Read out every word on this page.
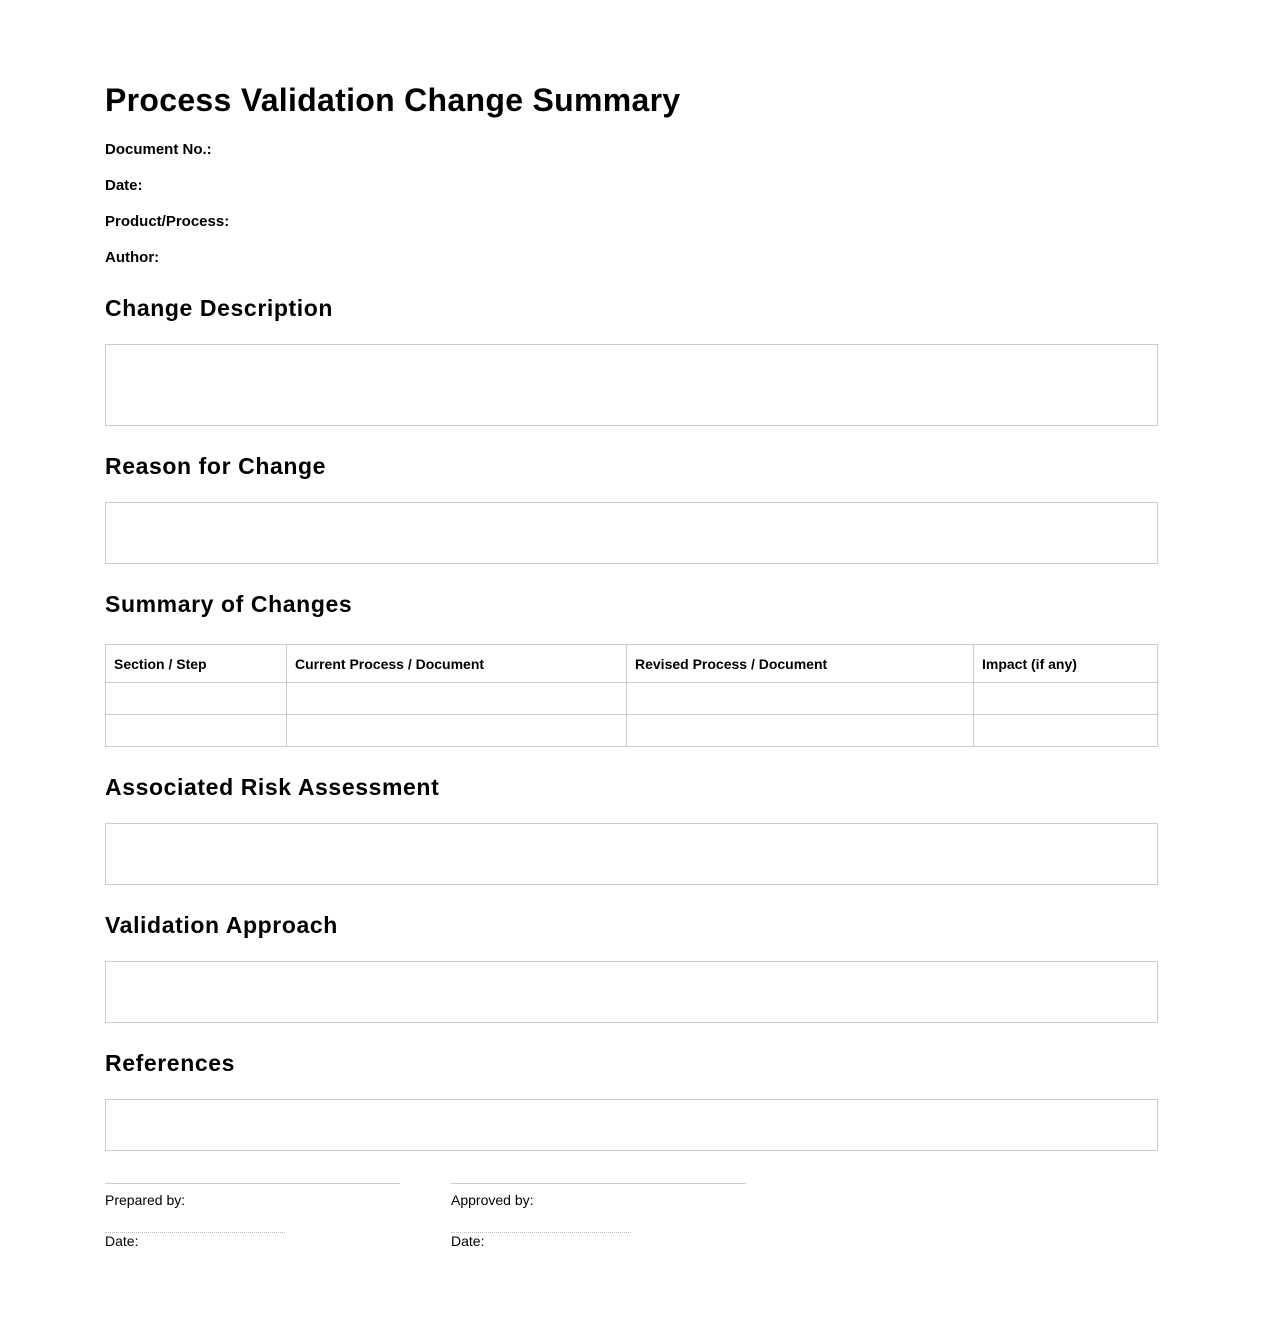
Process Validation Change Summary
Document No.:
Date:
Product/Process:
Author:
Change Description
Reason for Change
Summary of Changes
Section / Step	Current Process / Document	Revised Process / Document	Impact (if any)

Associated Risk Assessment
Validation Approach
References
Prepared by:
Date:
Approved by:
Date:
